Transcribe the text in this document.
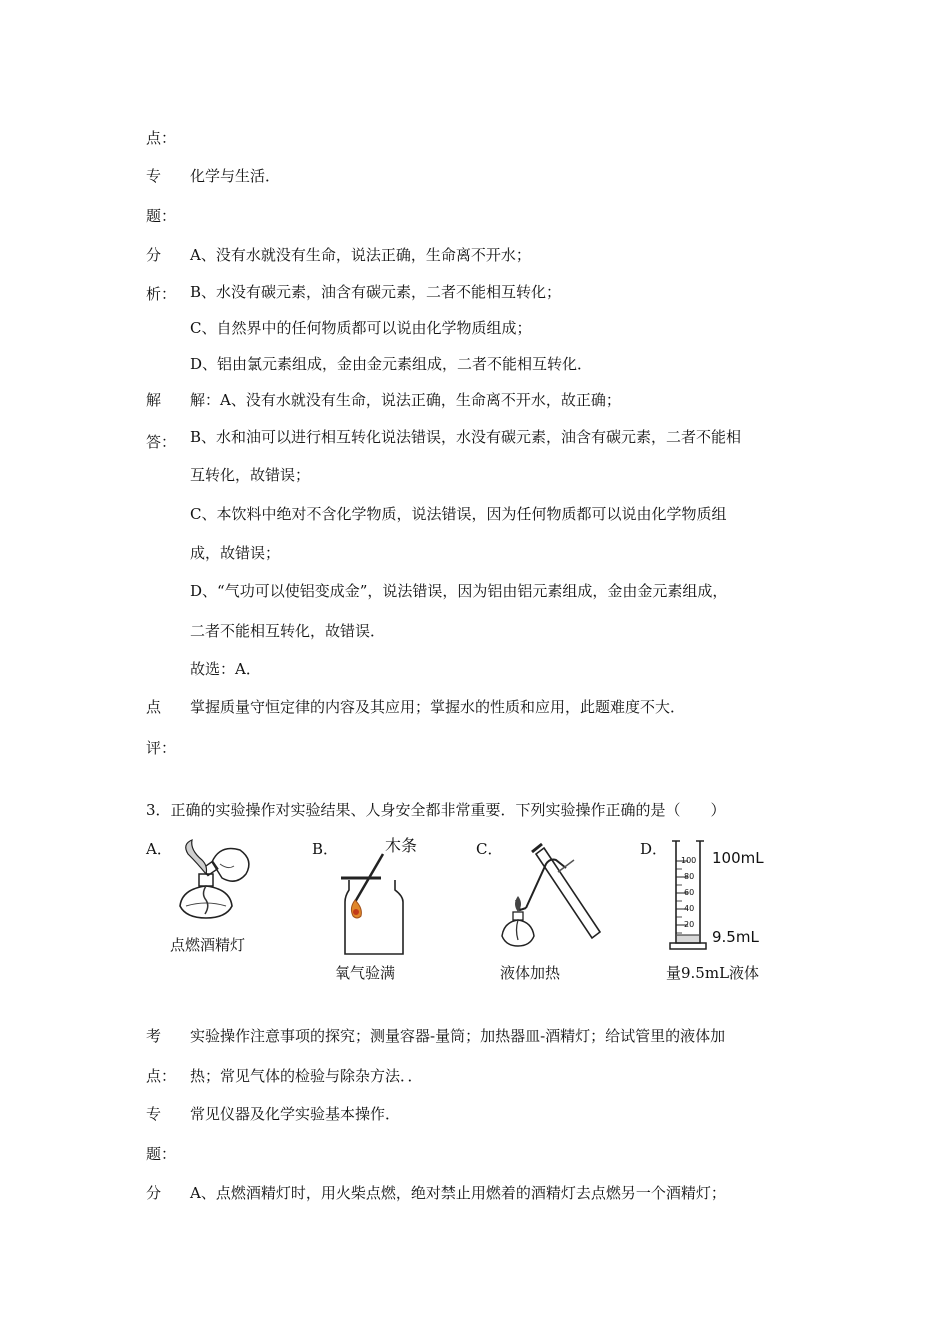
点：
专 化学与生活．
题：
分
析：
A、没有水就没有生命，说法正确，生命离不开水；
B、水没有碳元素，油含有碳元素，二者不能相互转化；
C、自然界中的任何物质都可以说由化学物质组成；
D、铝由氯元素组成，金由金元素组成，二者不能相互转化．
解
答：
解：A、没有水就没有生命，说法正确，生命离不开水，故正确；
B、水和油可以进行相互转化说法错误，水没有碳元素，油含有碳元素，二者不能相
互转化，故错误；
C、本饮料中绝对不含化学物质，说法错误，因为任何物质都可以说由化学物质组
成，故错误；
D、“气功可以使铝变成金”，说法错误，因为铝由铝元素组成，金由金元素组成，
二者不能相互转化，故错误．
故选：A．
点 掌握质量守恒定律的内容及其应用；掌握水的性质和应用，此题难度不大．
评：
3．正确的实验操作对实验结果、人身安全都非常重要．下列实验操作正确的是（　　）
A．
点燃酒精灯
B．	木条
氧气验满
C．
液体加热
D．
100
80
60
40
20
100mL
9.5mL
量9.5mL液体
考 实验操作注意事项的探究；测量容器-量筒；加热器皿-酒精灯；给试管里的液体加
点： 热；常见气体的检验与除杂方法．．
专 常见仪器及化学实验基本操作．
题：
分 A、点燃酒精灯时，用火柴点燃，绝对禁止用燃着的酒精灯去点燃另一个酒精灯；
